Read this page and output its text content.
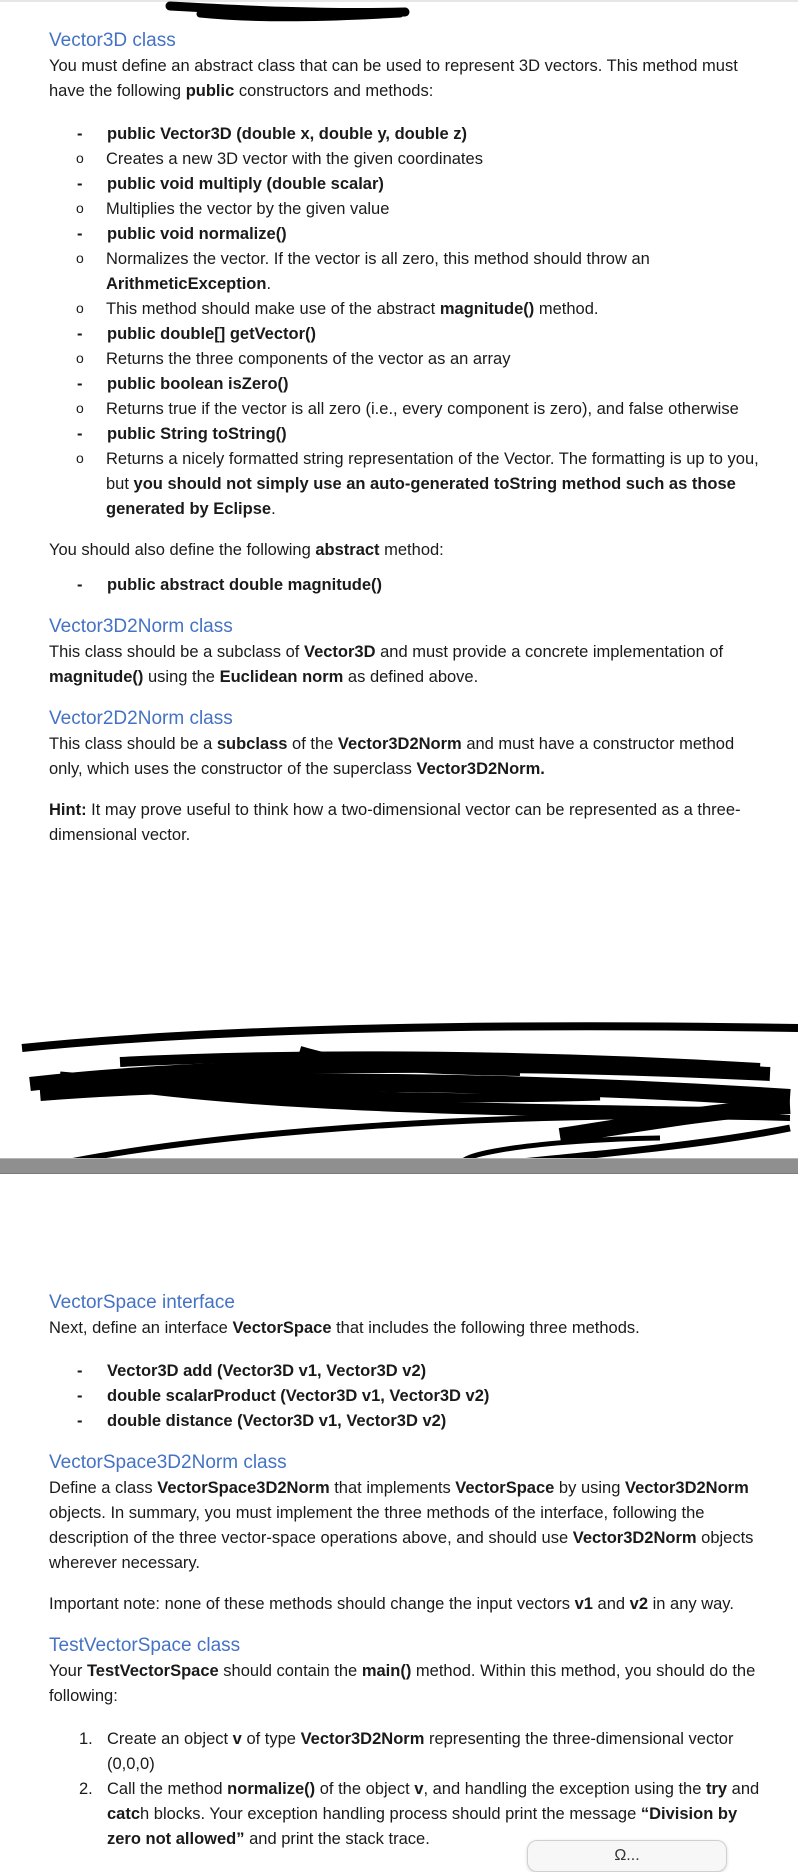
Vector3D class

You must define an abstract class that can be used to represent 3D vectors. This method must have the following public constructors and methods:

- public Vector3D (double x, double y, double z)
o Creates a new 3D vector with the given coordinates
- public void multiply (double scalar)
o Multiplies the vector by the given value
- public void normalize()
o Normalizes the vector. If the vector is all zero, this method should throw an ArithmeticException.
o This method should make use of the abstract magnitude() method.
- public double[] getVector()
o Returns the three components of the vector as an array
- public boolean isZero()
o Returns true if the vector is all zero (i.e., every component is zero), and false otherwise
- public String toString()
o Returns a nicely formatted string representation of the Vector. The formatting is up to you, but you should not simply use an auto-generated toString method such as those generated by Eclipse.

You should also define the following abstract method:

- public abstract double magnitude()
Vector3D2Norm class

This class should be a subclass of Vector3D and must provide a concrete implementation of magnitude() using the Euclidean norm as defined above.

Vector2D2Norm class

This class should be a subclass of the Vector3D2Norm and must have a constructor method only, which uses the constructor of the superclass Vector3D2Norm.

Hint: It may prove useful to think how a two-dimensional vector can be represented as a three-dimensional vector.

VectorSpace interface

Next, define an interface VectorSpace that includes the following three methods.

- Vector3D add (Vector3D v1, Vector3D v2)
- double scalarProduct (Vector3D v1, Vector3D v2)
- double distance (Vector3D v1, Vector3D v2)
VectorSpace3D2Norm class

Define a class VectorSpace3D2Norm that implements VectorSpace by using Vector3D2Norm objects. In summary, you must implement the three methods of the interface, following the description of the three vector-space operations above, and should use Vector3D2Norm objects wherever necessary.

Important note: none of these methods should change the input vectors v1 and v2 in any way.

TestVectorSpace class

Your TestVectorSpace should contain the main() method. Within this method, you should do the following:

1. Create an object v of type Vector3D2Norm representing the three-dimensional vector (0,0,0)
2. Call the method normalize() of the object v, and handling the exception using the try and catch blocks. Your exception handling process should print the message “Division by zero not allowed” and print the stack trace.
Ω...
